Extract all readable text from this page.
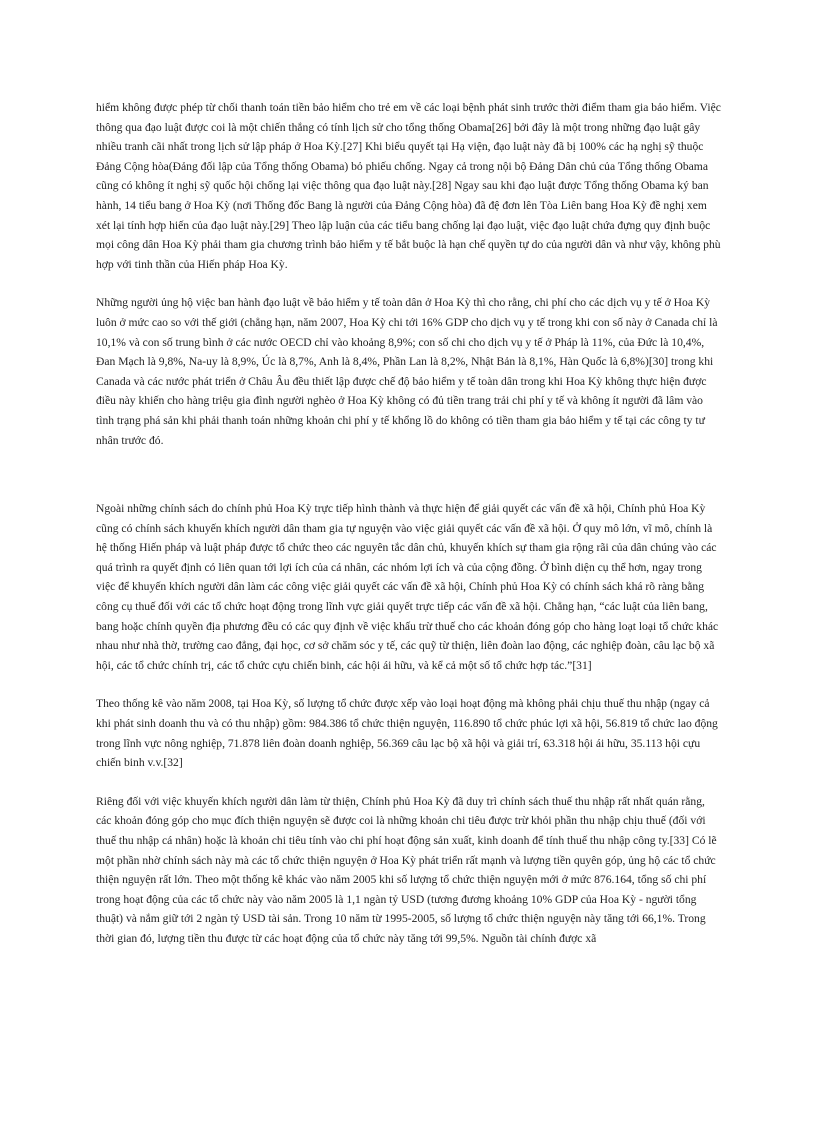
hiểm không được phép từ chối thanh toán tiền bảo hiểm cho trẻ em về các loại bệnh phát sinh trước thời điểm tham gia bảo hiểm. Việc thông qua đạo luật được coi là một chiến thắng có tính lịch sử cho tổng thống Obama[26] bởi đây là một trong những đạo luật gây nhiều tranh cãi nhất trong lịch sử lập pháp ở Hoa Kỳ.[27] Khi biểu quyết tại Hạ viện, đạo luật này đã bị 100% các hạ nghị sỹ thuộc Đảng Cộng hòa(Đảng đối lập của Tổng thống Obama) bỏ phiếu chống. Ngay cả trong nội bộ Đảng Dân chủ của Tổng thống Obama cũng có không ít nghị sỹ quốc hội chống lại việc thông qua đạo luật này.[28] Ngay sau khi đạo luật được Tổng thống Obama ký ban hành, 14 tiểu bang ở Hoa Kỳ (nơi Thống đốc Bang là người của Đảng Cộng hòa) đã đệ đơn lên Tòa Liên bang Hoa Kỳ đề nghị xem xét lại tính hợp hiến của đạo luật này.[29] Theo lập luận của các tiểu bang chống lại đạo luật, việc đạo luật chứa đựng quy định buộc mọi công dân Hoa Kỳ phải tham gia chương trình bảo hiểm y tế bắt buộc là hạn chế quyền tự do của người dân và như vậy, không phù hợp với tinh thần của Hiến pháp Hoa Kỳ.

Những người ủng hộ việc ban hành đạo luật về bảo hiểm y tế toàn dân ở Hoa Kỳ thì cho rằng, chi phí cho các dịch vụ y tế ở Hoa Kỳ luôn ở mức cao so với thế giới (chẳng hạn, năm 2007, Hoa Kỳ chi tới 16% GDP cho dịch vụ y tế trong khi con số này ở Canada chỉ là 10,1% và con số trung bình ở các nước OECD chỉ vào khoảng 8,9%; con số chi cho dịch vụ y tế ở Pháp là 11%, của Đức là 10,4%, Đan Mạch là 9,8%, Na-uy là 8,9%, Úc là 8,7%, Anh là 8,4%, Phần Lan là 8,2%, Nhật Bản là 8,1%, Hàn Quốc là 6,8%)[30] trong khi Canada và các nước phát triển ở Châu Âu đều thiết lập được chế độ bảo hiểm y tế toàn dân trong khi Hoa Kỳ không thực hiện được điều này khiến cho hàng triệu gia đình người nghèo ở Hoa Kỳ không có đủ tiền trang trải chi phí y tế và không ít người đã lâm vào tình trạng phá sản khi phải thanh toán những khoản chi phí y tế khổng lồ do không có tiền tham gia bảo hiểm y tế tại các công ty tư nhân trước đó.

Ngoài những chính sách do chính phủ Hoa Kỳ trực tiếp hình thành và thực hiện để giải quyết các vấn đề xã hội, Chính phủ Hoa Kỳ cũng có chính sách khuyến khích người dân tham gia tự nguyện vào việc giải quyết các vấn đề xã hội. Ở quy mô lớn, vĩ mô, chính là hệ thống Hiến pháp và luật pháp được tổ chức theo các nguyên tắc dân chủ, khuyến khích sự tham gia rộng rãi của dân chúng vào các quá trình ra quyết định có liên quan tới lợi ích của cá nhân, các nhóm lợi ích và của cộng đồng. Ở bình diện cụ thể hơn, ngay trong việc để khuyến khích người dân làm các công việc giải quyết các vấn đề xã hội, Chính phủ Hoa Kỳ có chính sách khá rõ ràng bằng công cụ thuế đối với các tổ chức hoạt động trong lĩnh vực giải quyết trực tiếp các vấn đề xã hội. Chẳng hạn, “các luật của liên bang, bang hoặc chính quyền địa phương đều có các quy định về việc khấu trừ thuế cho các khoản đóng góp cho hàng loạt loại tổ chức khác nhau như nhà thờ, trường cao đẳng, đại học, cơ sở chăm sóc y tế, các quỹ từ thiện, liên đoàn lao động, các nghiệp đoàn, câu lạc bộ xã hội, các tổ chức chính trị, các tổ chức cựu chiến binh, các hội ái hữu, và kể cả một số tổ chức hợp tác.”[31]

Theo thống kê vào năm 2008, tại Hoa Kỳ, số lượng tổ chức được xếp vào loại hoạt động mà không phải chịu thuế thu nhập (ngay cả khi phát sinh doanh thu và có thu nhập) gồm: 984.386 tổ chức thiện nguyện, 116.890 tổ chức phúc lợi xã hội, 56.819 tổ chức lao động trong lĩnh vực nông nghiệp, 71.878 liên đoàn doanh nghiệp, 56.369 câu lạc bộ xã hội và giải trí, 63.318 hội ái hữu, 35.113 hội cựu chiến binh v.v.[32]

Riêng đối với việc khuyến khích người dân làm từ thiện, Chính phủ Hoa Kỳ đã duy trì chính sách thuế thu nhập rất nhất quán rằng, các khoản đóng góp cho mục đích thiện nguyện sẽ được coi là những khoản chi tiêu được trừ khỏi phần thu nhập chịu thuế (đối với thuế thu nhập cá nhân) hoặc là khoản chi tiêu tính vào chi phí hoạt động sản xuất, kinh doanh để tính thuế thu nhập công ty.[33] Có lẽ một phần nhờ chính sách này mà các tổ chức thiện nguyện ở Hoa Kỳ phát triển rất mạnh và lượng tiền quyên góp, ủng hộ các tổ chức thiện nguyện rất lớn. Theo một thống kê khác vào năm 2005 khi số lượng tổ chức thiện nguyện mới ở mức 876.164, tổng số chi phí trong hoạt động của các tổ chức này vào năm 2005 là 1,1 ngàn tỷ USD (tương đương khoảng 10% GDP của Hoa Kỳ - người tổng thuật) và nắm giữ tới 2 ngàn tỷ USD tài sản. Trong 10 năm từ 1995-2005, số lượng tổ chức thiện nguyện này tăng tới 66,1%. Trong thời gian đó, lượng tiền thu được từ các hoạt động của tổ chức này tăng tới 99,5%. Nguồn tài chính được xã
